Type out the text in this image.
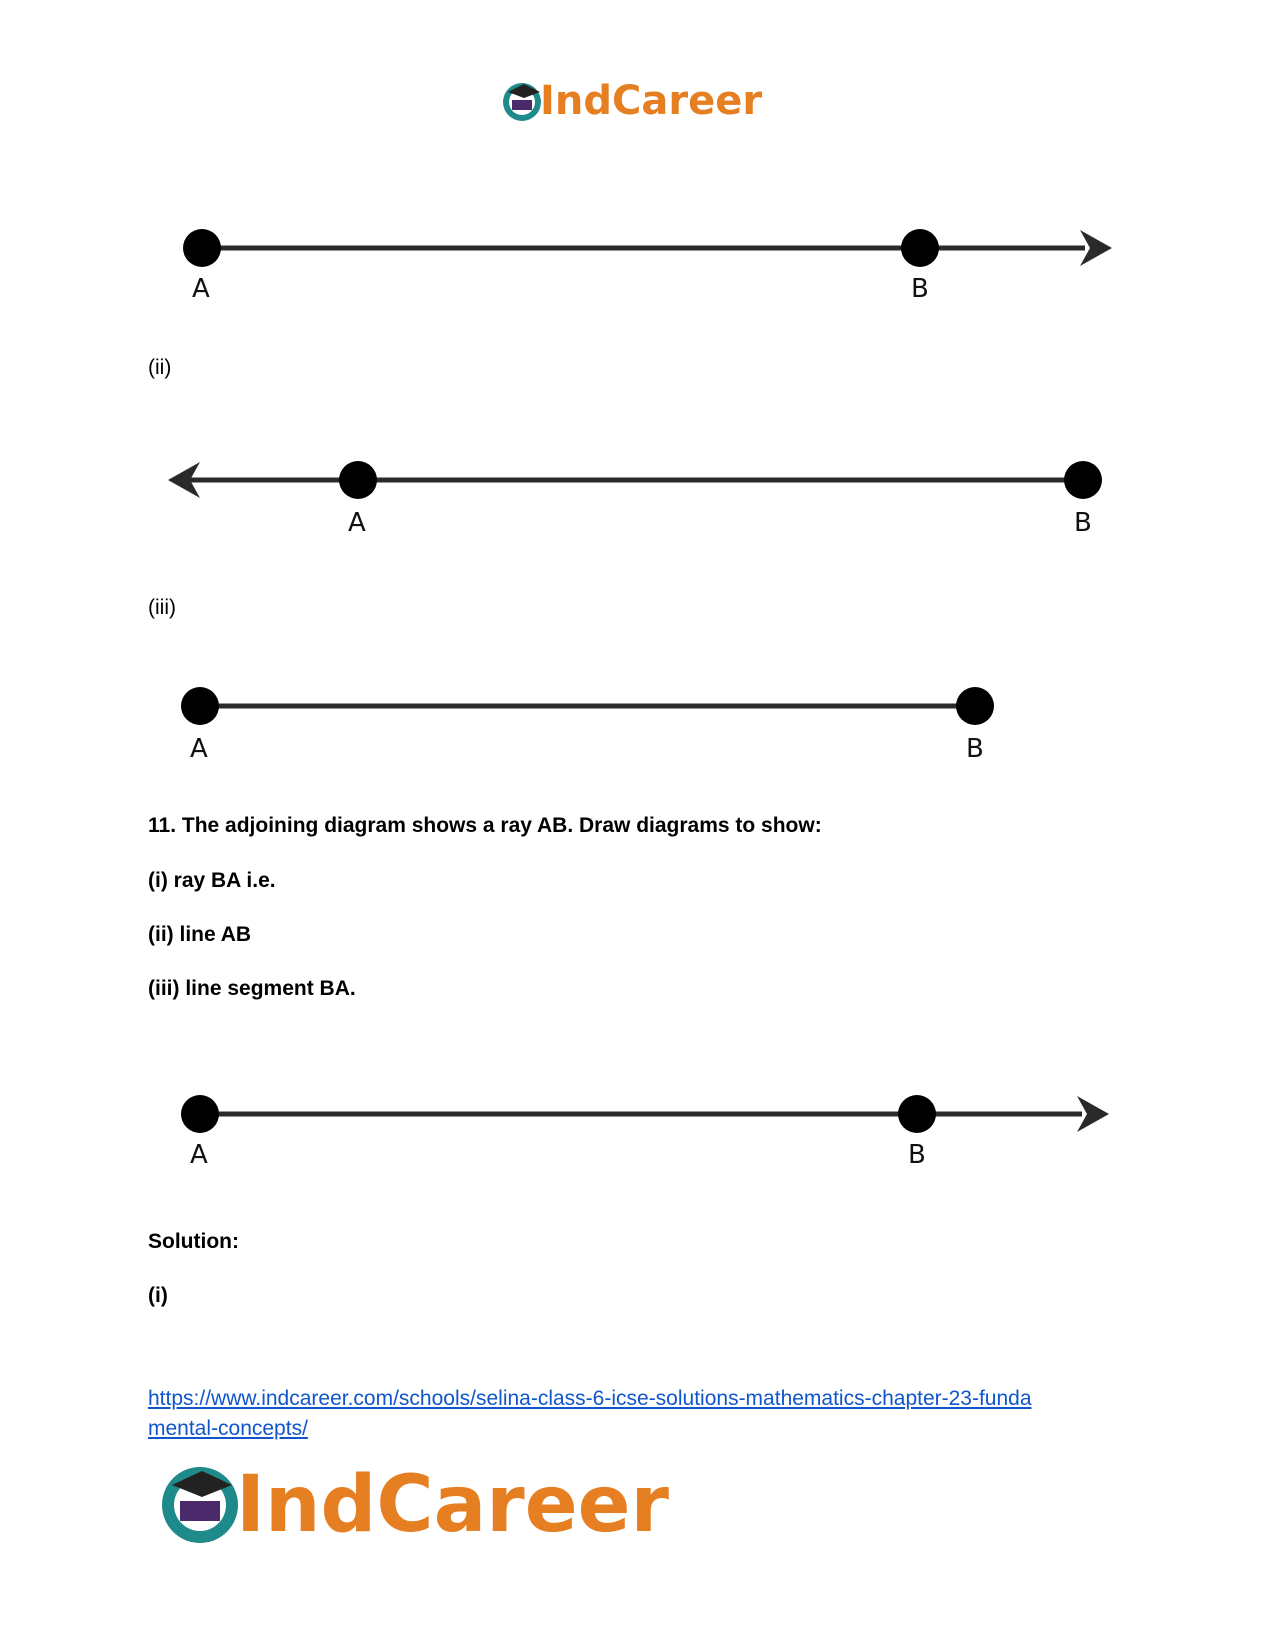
IndCareer
A	B
(ii)
A	B
(iii)
A	B
11. The adjoining diagram shows a ray AB. Draw diagrams to show:
(i) ray BA i.e.
(ii) line AB
(iii) line segment BA.
A	B
Solution:
(i)
https://www.indcareer.com/schools/selina-class-6-icse-solutions-mathematics-chapter-23-funda
mental-concepts/
IndCareer
